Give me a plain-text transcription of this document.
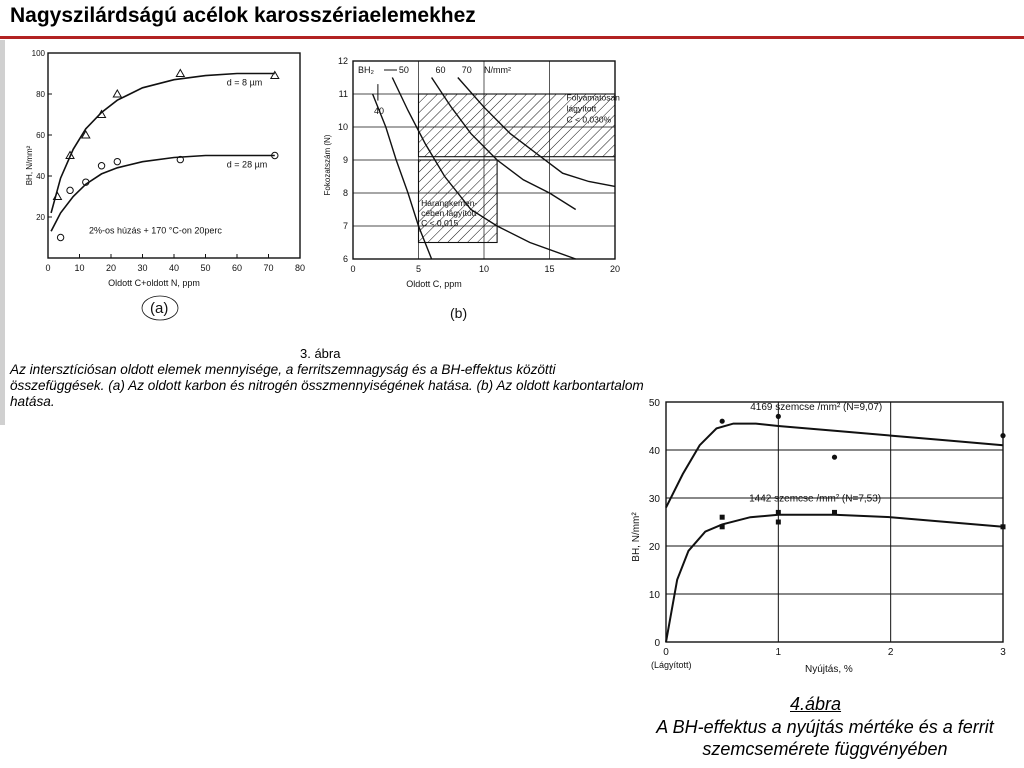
Nagyszilárdságú acélok karosszériaelemekhez
0	10 20 30 40 50 60 70 80
20
40
60
80
100
Oldott C+oldott N, ppm
BH, N/mm²
d = 8 µm
d = 28 µm
2%-os húzás + 170 °C-on 20perc
(a)
0	5	10	15	20
6
7
8
9
10
11
12
Oldott C, ppm
Fokozatszám (N)
Folyamatosan lágyított C < 0,030%
Harangkemen-cében lágyított C < 0,015
BH₂	50	60 70 N/mm²
40
(b)
0	1	2	3
0
10
20
30
40
50
(Lágyított)	Nyújtás, %
BH, N/mm²
4169 szemcse /mm² (N=9,07)
1442 szemcse /mm² (N=7,53)
3. ábra
Az intersztíciósan oldott elemek mennyisége, a ferritszemnagyság és a BH-effektus közötti összefüggések. (a) Az oldott karbon és nitrogén összmennyiségének hatása. (b) Az oldott karbontartalom hatása.
4.ábra
A BH-effektus a nyújtás mértéke és a ferrit szemcsemérete függvényében
